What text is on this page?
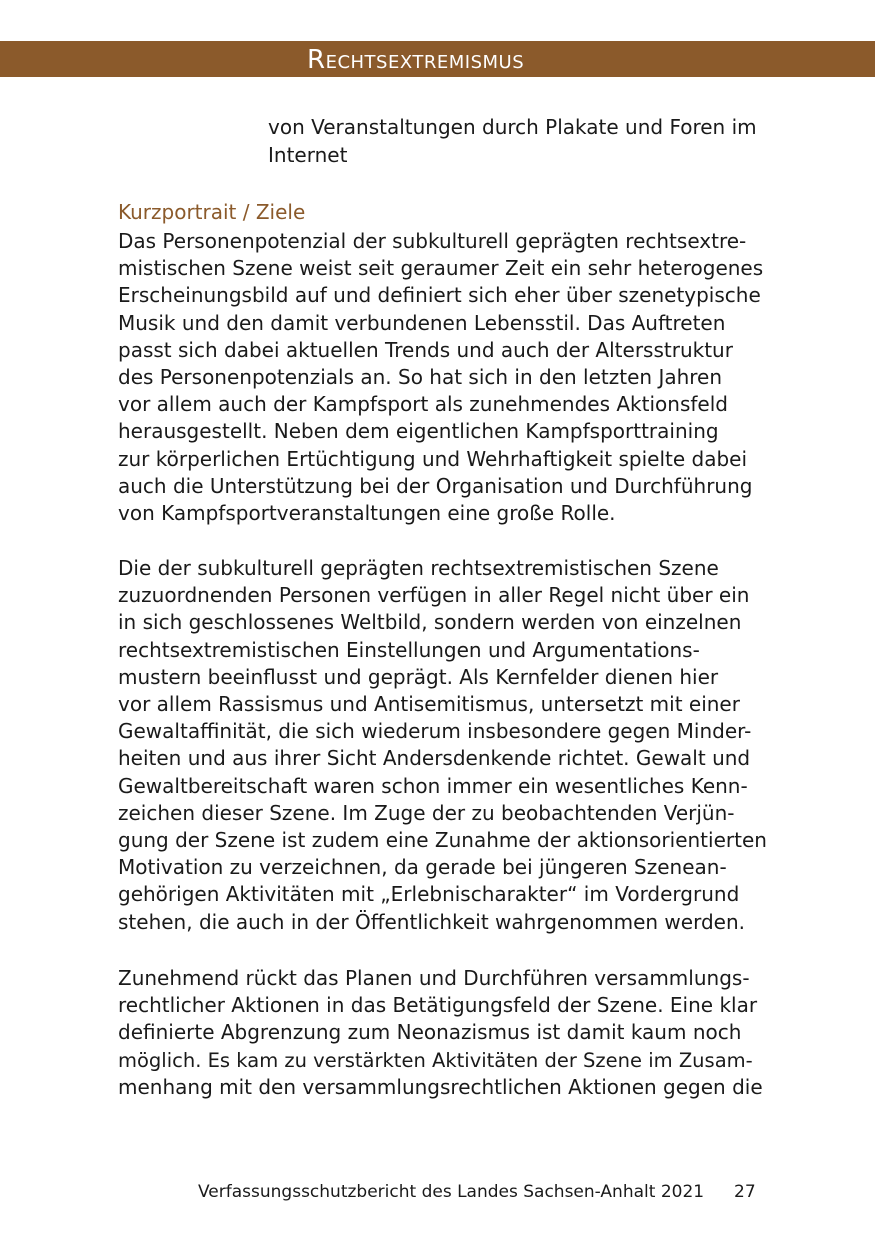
Rechtsextremismus
von Veranstaltungen durch Plakate und Foren im
Internet
Kurzportrait / Ziele
Das Personenpotenzial der subkulturell geprägten rechtsextre-
mistischen Szene weist seit geraumer Zeit ein sehr heterogenes
Erscheinungsbild auf und definiert sich eher über szenetypische
Musik und den damit verbundenen Lebensstil. Das Auftreten
passt sich dabei aktuellen Trends und auch der Altersstruktur
des Personenpotenzials an. So hat sich in den letzten Jahren
vor allem auch der Kampfsport als zunehmendes Aktionsfeld
herausgestellt. Neben dem eigentlichen Kampfsporttraining
zur körperlichen Ertüchtigung und Wehrhaftigkeit spielte dabei
auch die Unterstützung bei der Organisation und Durchführung
von Kampfsportveranstaltungen eine große Rolle.
Die der subkulturell geprägten rechtsextremistischen Szene
zuzuordnenden Personen verfügen in aller Regel nicht über ein
in sich geschlossenes Weltbild, sondern werden von einzelnen
rechtsextremistischen Einstellungen und Argumentations-
mustern beeinflusst und geprägt. Als Kernfelder dienen hier
vor allem Rassismus und Antisemitismus, untersetzt mit einer
Gewaltaffinität, die sich wiederum insbesondere gegen Minder-
heiten und aus ihrer Sicht Andersdenkende richtet. Gewalt und
Gewaltbereitschaft waren schon immer ein wesentliches Kenn-
zeichen dieser Szene. Im Zuge der zu beobachtenden Verjün-
gung der Szene ist zudem eine Zunahme der aktionsorientierten
Motivation zu verzeichnen, da gerade bei jüngeren Szenean-
gehörigen Aktivitäten mit „Erlebnischarakter“ im Vordergrund
stehen, die auch in der Öffentlichkeit wahrgenommen werden.
Zunehmend rückt das Planen und Durchführen versammlungs-
rechtlicher Aktionen in das Betätigungsfeld der Szene. Eine klar
definierte Abgrenzung zum Neonazismus ist damit kaum noch
möglich. Es kam zu verstärkten Aktivitäten der Szene im Zusam-
menhang mit den versammlungsrechtlichen Aktionen gegen die
Verfassungsschutzbericht des Landes Sachsen-Anhalt 2021 27
